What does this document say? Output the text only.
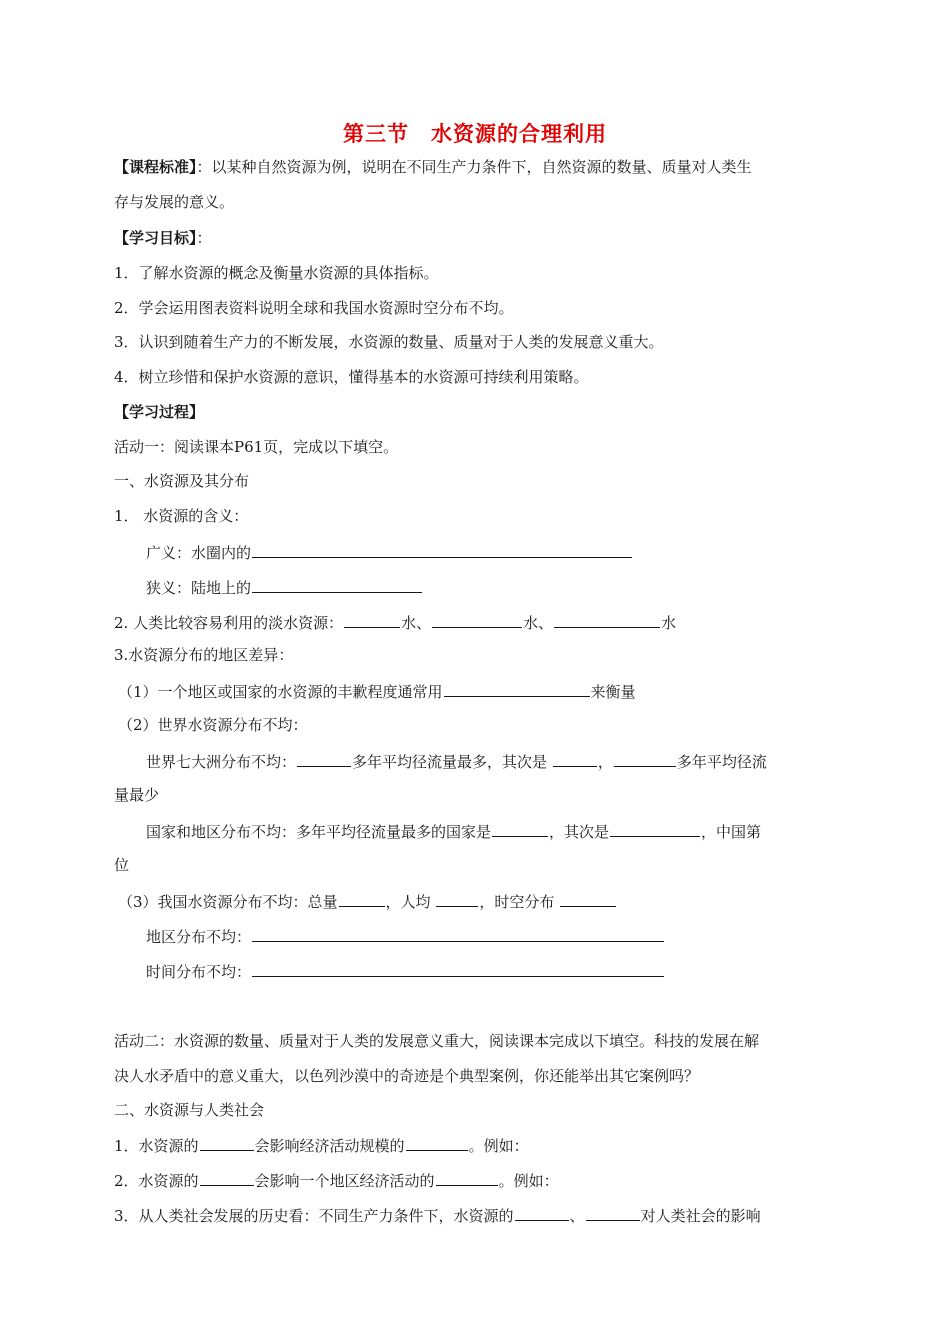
第三节 水资源的合理利用
【课程标准】：以某种自然资源为例，说明在不同生产力条件下，自然资源的数量、质量对人类生
存与发展的意义。
【学习目标】：
1．了解水资源的概念及衡量水资源的具体指标。
2．学会运用图表资料说明全球和我国水资源时空分布不均。
3．认识到随着生产力的不断发展，水资源的数量、质量对于人类的发展意义重大。
4．树立珍惜和保护水资源的意识，懂得基本的水资源可持续利用策略。
【学习过程】
活动一：阅读课本P61页，完成以下填空。
一、水资源及其分布
1． 水资源的含义：
广义：水圈内的
狭义：陆地上的
2. 人类比较容易利用的淡水资源：	水、	水、	水
3.水资源分布的地区差异：
（1）一个地区或国家的水资源的丰歉程度通常用	来衡量
（2）世界水资源分布不均：
世界七大洲分布不均：	多年平均径流量最多，其次是	，	多年平均径流
量最少
国家和地区分布不均：多年平均径流量最多的国家是	，其次是	，中国第
位
（3）我国水资源分布不均：总量	，人均	，时空分布
地区分布不均：
时间分布不均：
活动二：水资源的数量、质量对于人类的发展意义重大，阅读课本完成以下填空。科技的发展在解
决人水矛盾中的意义重大，以色列沙漠中的奇迹是个典型案例，你还能举出其它案例吗？
二、水资源与人类社会
1．水资源的	会影响经济活动规模的	。例如：
2．水资源的	会影响一个地区经济活动的	。例如：
3．从人类社会发展的历史看：不同生产力条件下，水资源的	、	对人类社会的影响
